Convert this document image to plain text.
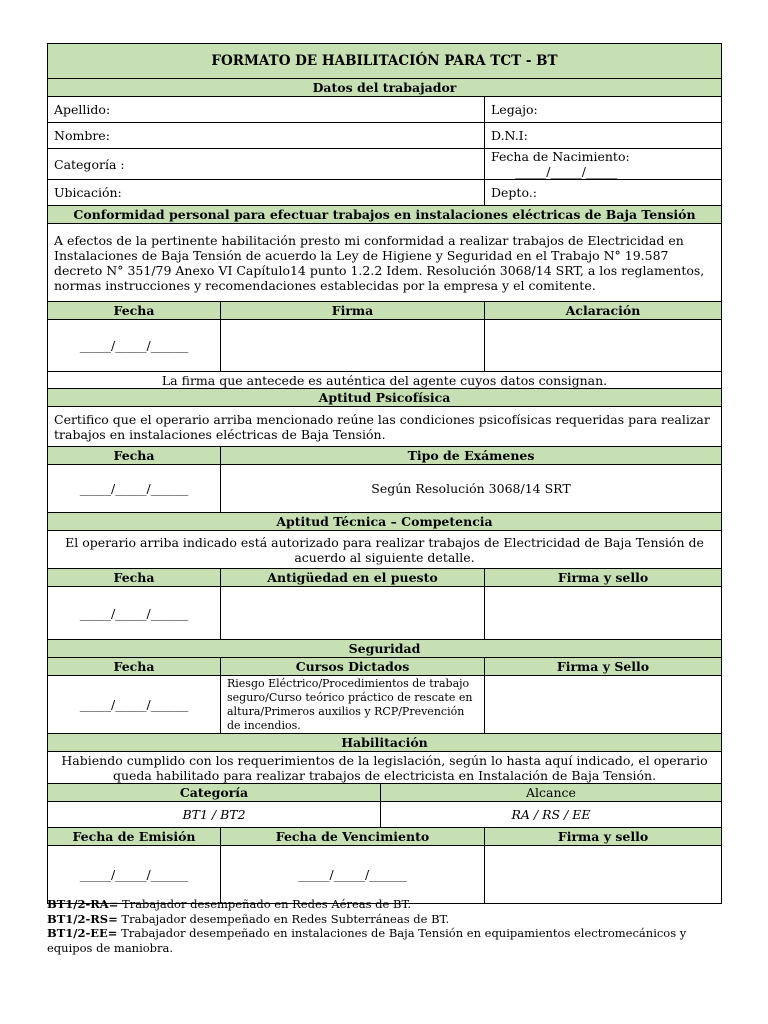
FORMATO DE HABILITACIÓN PARA TCT - BT			
Datos del trabajador			
Apellido:			Legajo:
Nombre:			D.N.I:
Categoría :			Fecha de Nacimiento:_____/_____/_____
Ubicación:			Depto.:
Conformidad personal para efectuar trabajos en instalaciones eléctricas de Baja Tensión			
A efectos de la pertinente habilitación presto mi conformidad a realizar trabajos de Electricidad en Instalaciones de Baja Tensión de acuerdo la Ley de Higiene y Seguridad en el Trabajo N° 19.587 decreto N° 351/79 Anexo VI Capítulo14 punto 1.2.2 Idem. Resolución 3068/14 SRT, a los reglamentos, normas instrucciones y recomendaciones establecidas por la empresa y el comitente.			
Fecha	Firma		Aclaración
_____/_____/______			
La firma que antecede es auténtica del agente cuyos datos consignan.			
Aptitud Psicofísica			
Certifico que el operario arriba mencionado reúne las condiciones psicofísicas requeridas para realizar trabajos en instalaciones eléctricas de Baja Tensión.			
Fecha	Tipo de Exámenes		
_____/_____/______	Según Resolución 3068/14 SRT		
Aptitud Técnica – Competencia			
El operario arriba indicado está autorizado para realizar trabajos de Electricidad de Baja Tensión de acuerdo al siguiente detalle.			
Fecha	Antigüedad en el puesto		Firma y sello
_____/_____/______			
Seguridad			
Fecha	Cursos Dictados		Firma y Sello
_____/_____/______	Riesgo Eléctrico/Procedimientos de trabajo seguro/Curso teórico práctico de rescate en altura/Primeros auxilios y RCP/Prevención de incendios.		
Habilitación			
Habiendo cumplido con los requerimientos de la legislación, según lo hasta aquí indicado, el operario queda habilitado para realizar trabajos de electricista en Instalación de Baja Tensión.			
Categoría		Alcance	
BT1 / BT2		RA / RS / EE	
Fecha de Emisión	Fecha de Vencimiento		Firma y sello
_____/_____/______	_____/_____/______		
BT1/2-RA= Trabajador desempeñado en Redes Aéreas de BT.
BT1/2-RS= Trabajador desempeñado en Redes Subterráneas de BT.
BT1/2-EE= Trabajador desempeñado en instalaciones de Baja Tensión en equipamientos electromecánicos y equipos de maniobra.
